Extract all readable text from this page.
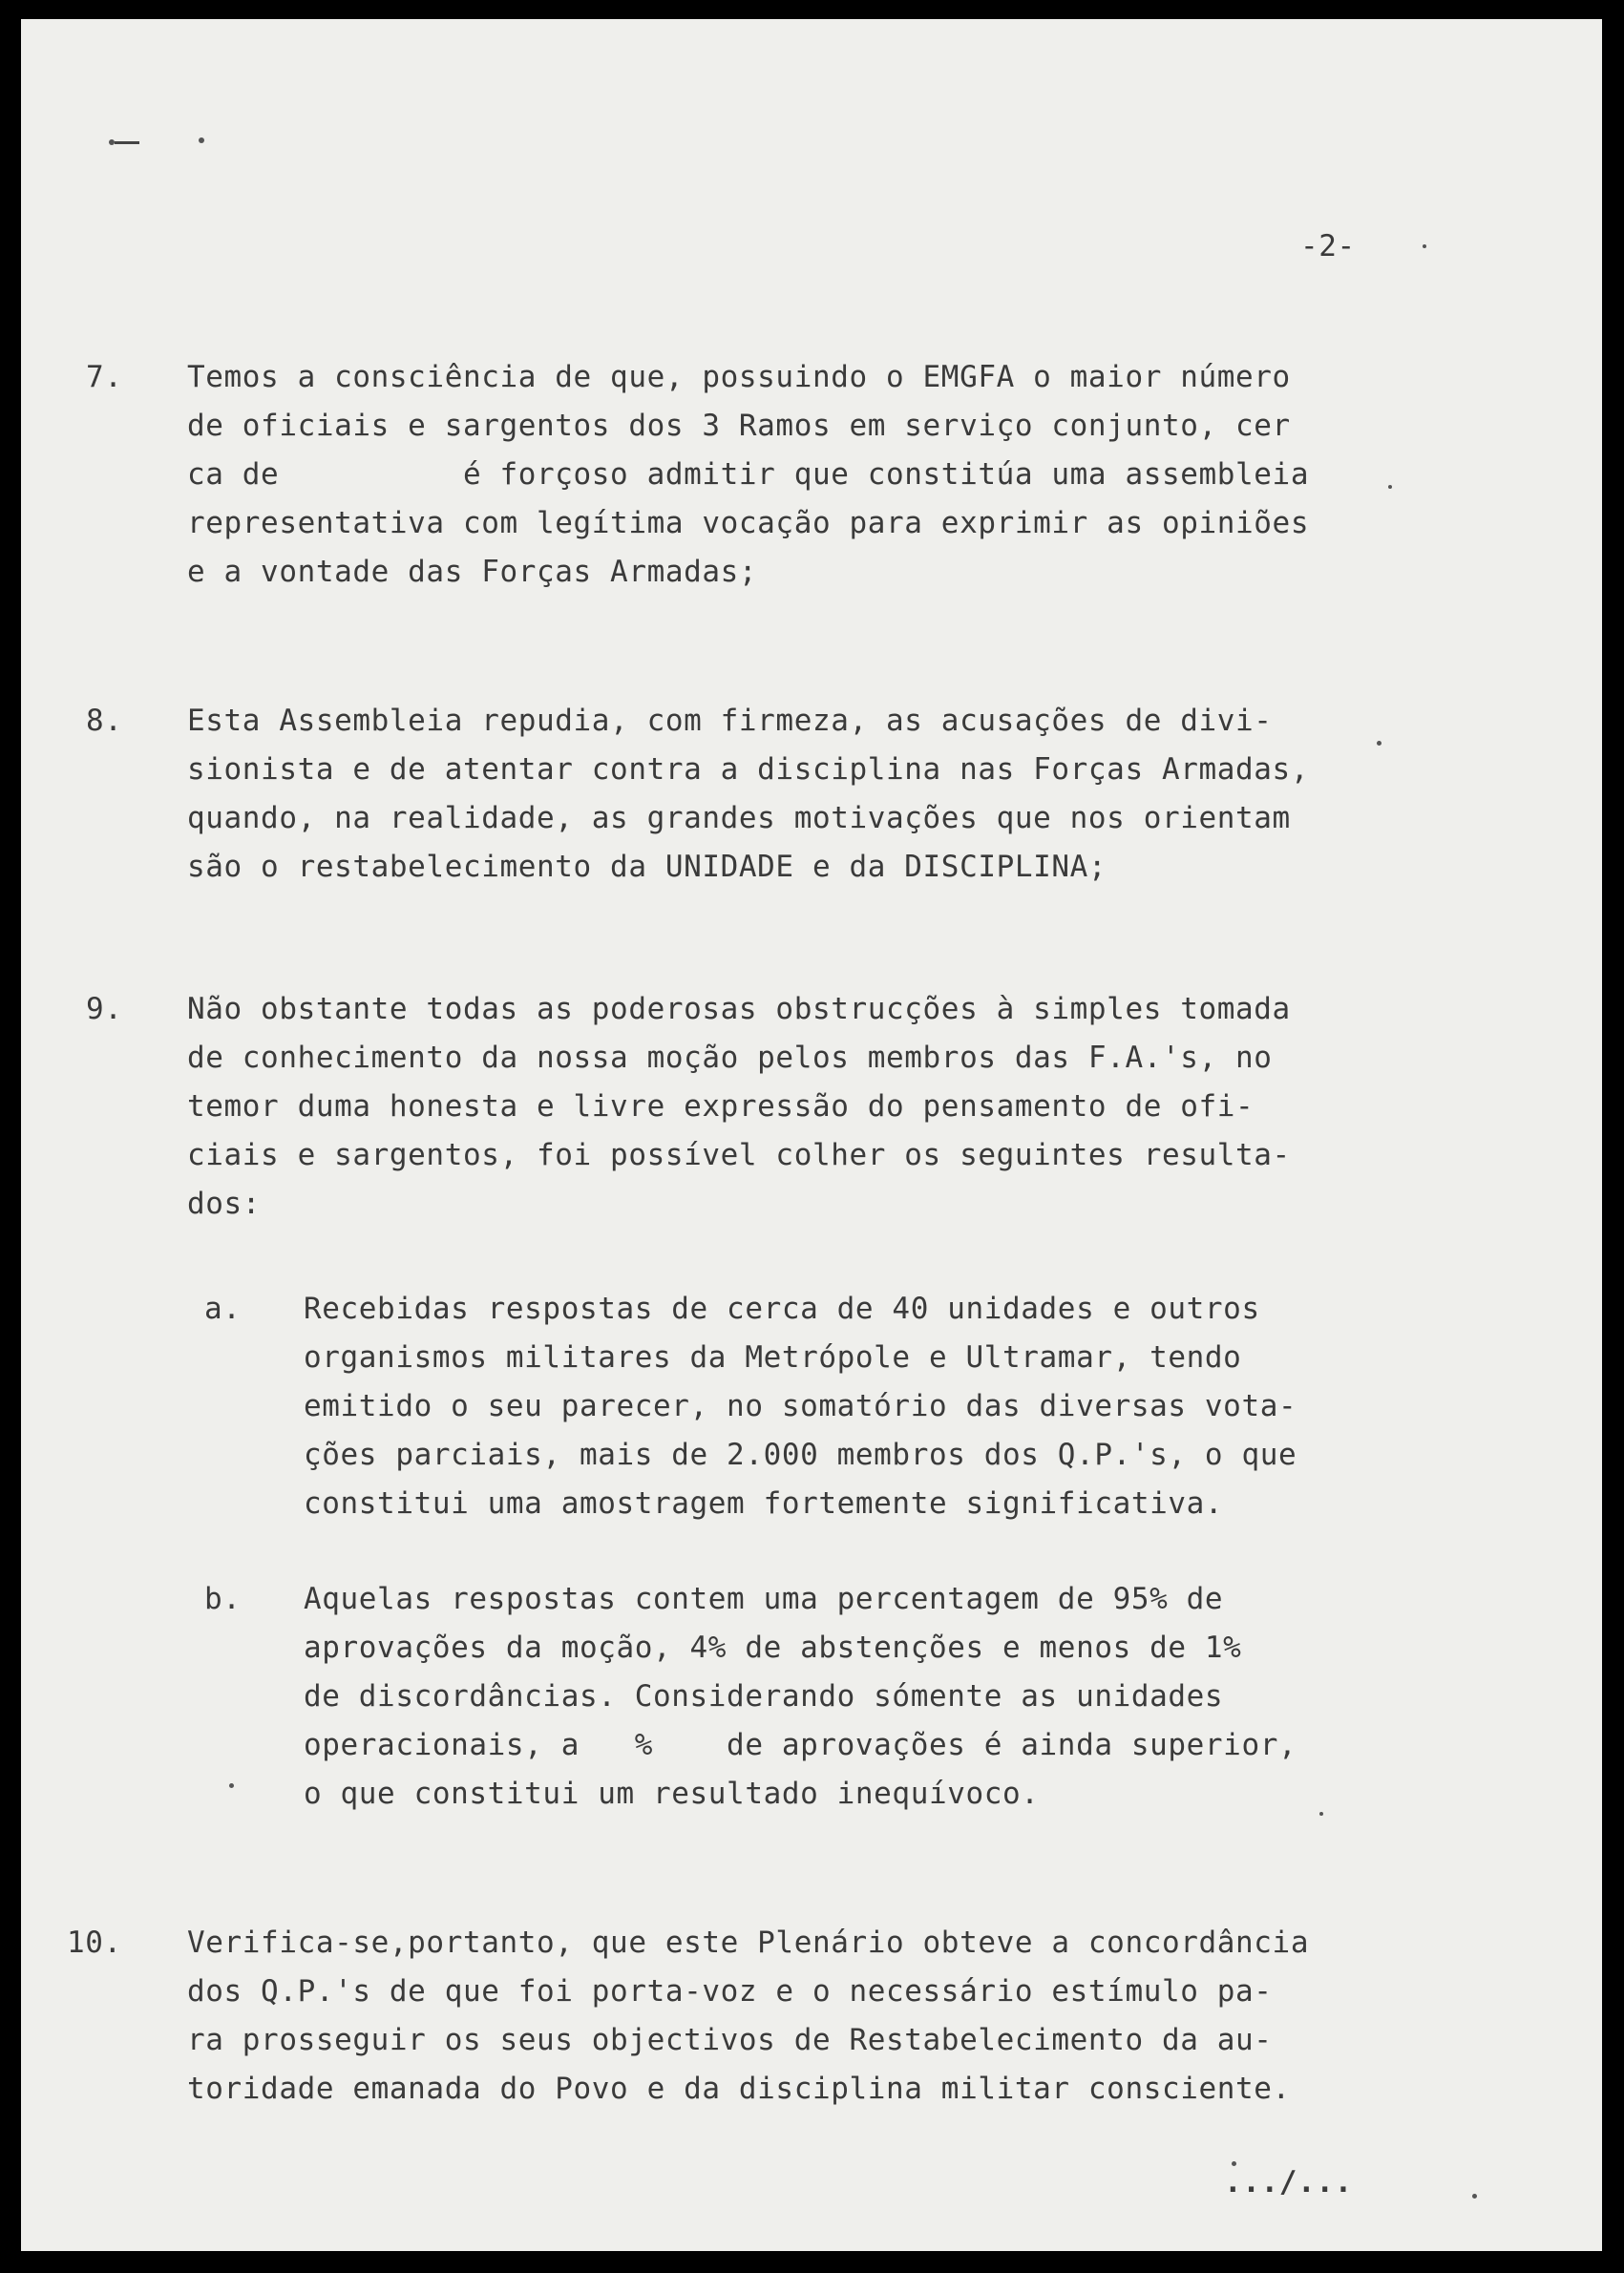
-2-
7. Temos a consciência de que, possuindo o EMGFA o maior número
de oficiais e sargentos dos 3 Ramos em serviço conjunto, cer
ca de          é forçoso admitir que constitúa uma assembleia
representativa com legítima vocação para exprimir as opiniões
e a vontade das Forças Armadas;
8. Esta Assembleia repudia, com firmeza, as acusações de divi-
sionista e de atentar contra a disciplina nas Forças Armadas,
quando, na realidade, as grandes motivações que nos orientam
são o restabelecimento da UNIDADE e da DISCIPLINA;
9. Não obstante todas as poderosas obstrucções à simples tomada
de conhecimento da nossa moção pelos membros das F.A.'s, no
temor duma honesta e livre expressão do pensamento de ofi-
ciais e sargentos, foi possível colher os seguintes resulta-
dos:
a. Recebidas respostas de cerca de 40 unidades e outros
organismos militares da Metrópole e Ultramar, tendo
emitido o seu parecer, no somatório das diversas vota-
ções parciais, mais de 2.000 membros dos Q.P.'s, o que
constitui uma amostragem fortemente significativa.
b. Aquelas respostas contem uma percentagem de 95% de
aprovações da moção, 4% de abstenções e menos de 1%
de discordâncias. Considerando sómente as unidades
operacionais, a   %    de aprovações é ainda superior,
o que constitui um resultado inequívoco.
10. Verifica-se,portanto, que este Plenário obteve a concordância
dos Q.P.'s de que foi porta-voz e o necessário estímulo pa-
ra prosseguir os seus objectivos de Restabelecimento da au-
toridade emanada do Povo e da disciplina militar consciente.
.../...
